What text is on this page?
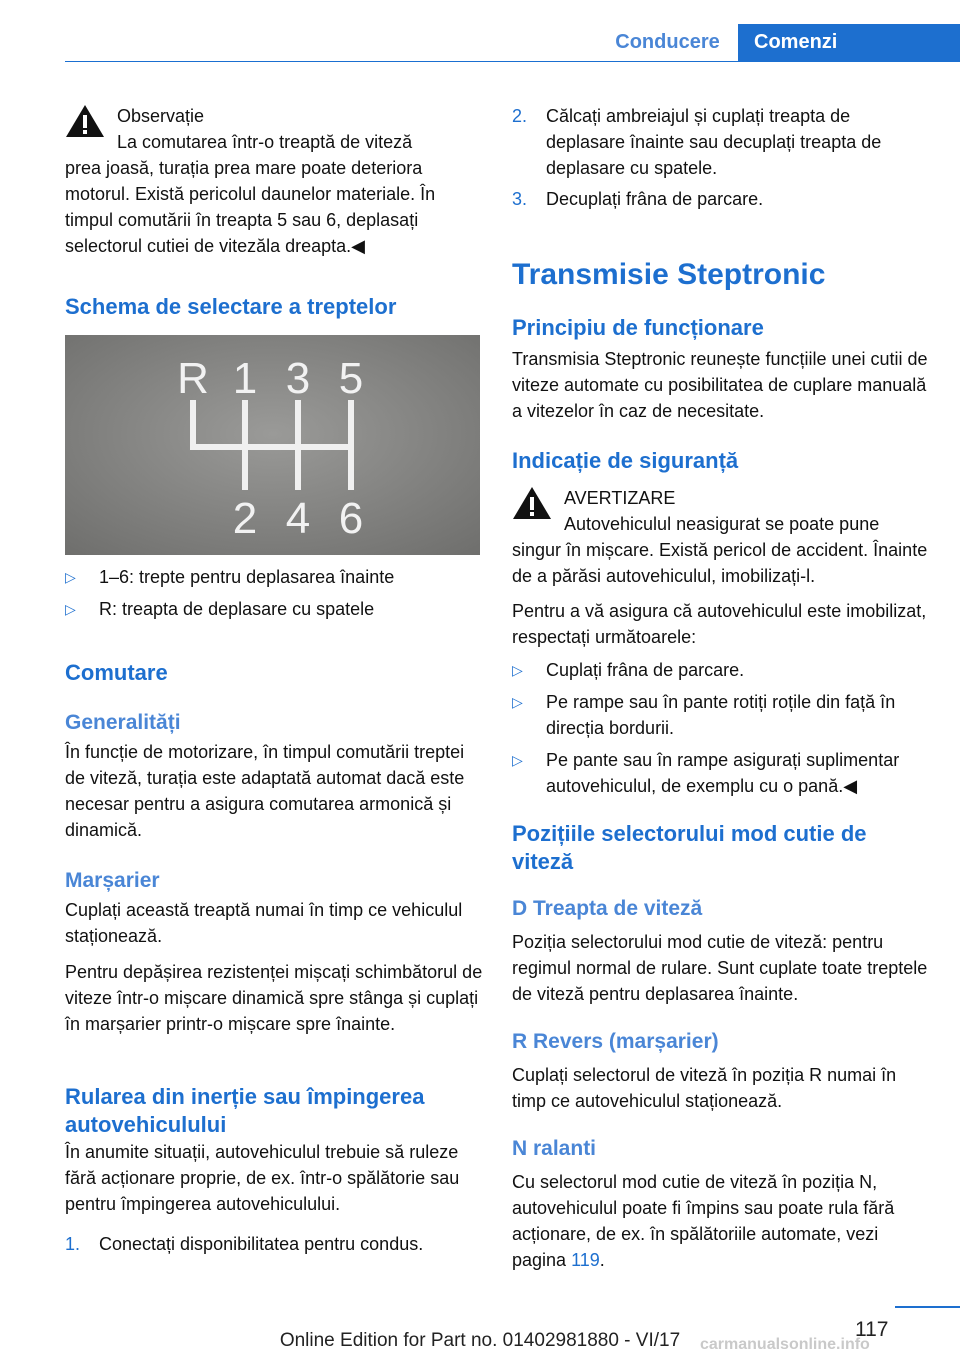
Conducere	Comenzi

Observație

La comutarea într-o treaptă de viteză

prea joasă, turația prea mare poate deteriora motorul. Există pericolul daunelor materiale. În timpul comutării în treapta 5 sau 6, deplasați selectorul cutiei de vitezăla dreapta.◀

Schema de selectare a treptelor
▷	1–6: trepte pentru deplasarea înainte
▷	R: treapta de deplasare cu spatele
Comutare
Generalități

În funcție de motorizare, în timpul comutării treptei de viteză, turația este adaptată automat dacă este necesar pentru a asigura comutarea armonică și dinamică.

Marșarier

Cuplați această treaptă numai în timp ce vehiculul staționează.

Pentru depășirea rezistenței mișcați schimbătorul de viteze într-o mișcare dinamică spre stânga și cuplați în marșarier printr-o mișcare spre înainte.

Rularea din inerție sau împingerea autovehiculului

În anumite situații, autovehiculul trebuie să ruleze fără acționare proprie, de ex. într-o spălătorie sau pentru împingerea autovehiculului.

1.	Conectați disponibilitatea pentru condus.
R 1 3 5
2 4 6
2.	Călcați ambreiajul și cuplați treapta de deplasare înainte sau decuplați treapta de deplasare cu spatele.
3.	Decuplați frâna de parcare.
Transmisie Steptronic
Principiu de funcționare

Transmisia Steptronic reunește funcțiile unei cutii de viteze automate cu posibilitatea de cuplare manuală a vitezelor în caz de necesitate.

Indicație de siguranță

AVERTIZARE

Autovehiculul neasigurat se poate pune

singur în mișcare. Există pericol de accident. Înainte de a părăsi autovehiculul, imobilizați-l.

Pentru a vă asigura că autovehiculul este imobilizat, respectați următoarele:

▷	Cuplați frâna de parcare.
▷	Pe rampe sau în pante rotiți roțile din față în direcția bordurii.
▷	Pe pante sau în rampe asigurați suplimentar autovehiculul, de exemplu cu o pană.◀
Pozițiile selectorului mod cutie de viteză
D Treapta de viteză

Poziția selectorului mod cutie de viteză: pentru regimul normal de rulare. Sunt cuplate toate treptele de viteză pentru deplasarea înainte.

R Revers (marșarier)

Cuplați selectorul de viteză în poziția R numai în timp ce autovehiculul staționează.

N ralanti

Cu selectorul mod cutie de viteză în poziția N, autovehiculul poate fi împins sau poate rula fără acționare, de ex. în spălătoriile automate, vezi pagina 119.

117
Online Edition for Part no. 01402981880 - VI/17	carmanualsonline.info
